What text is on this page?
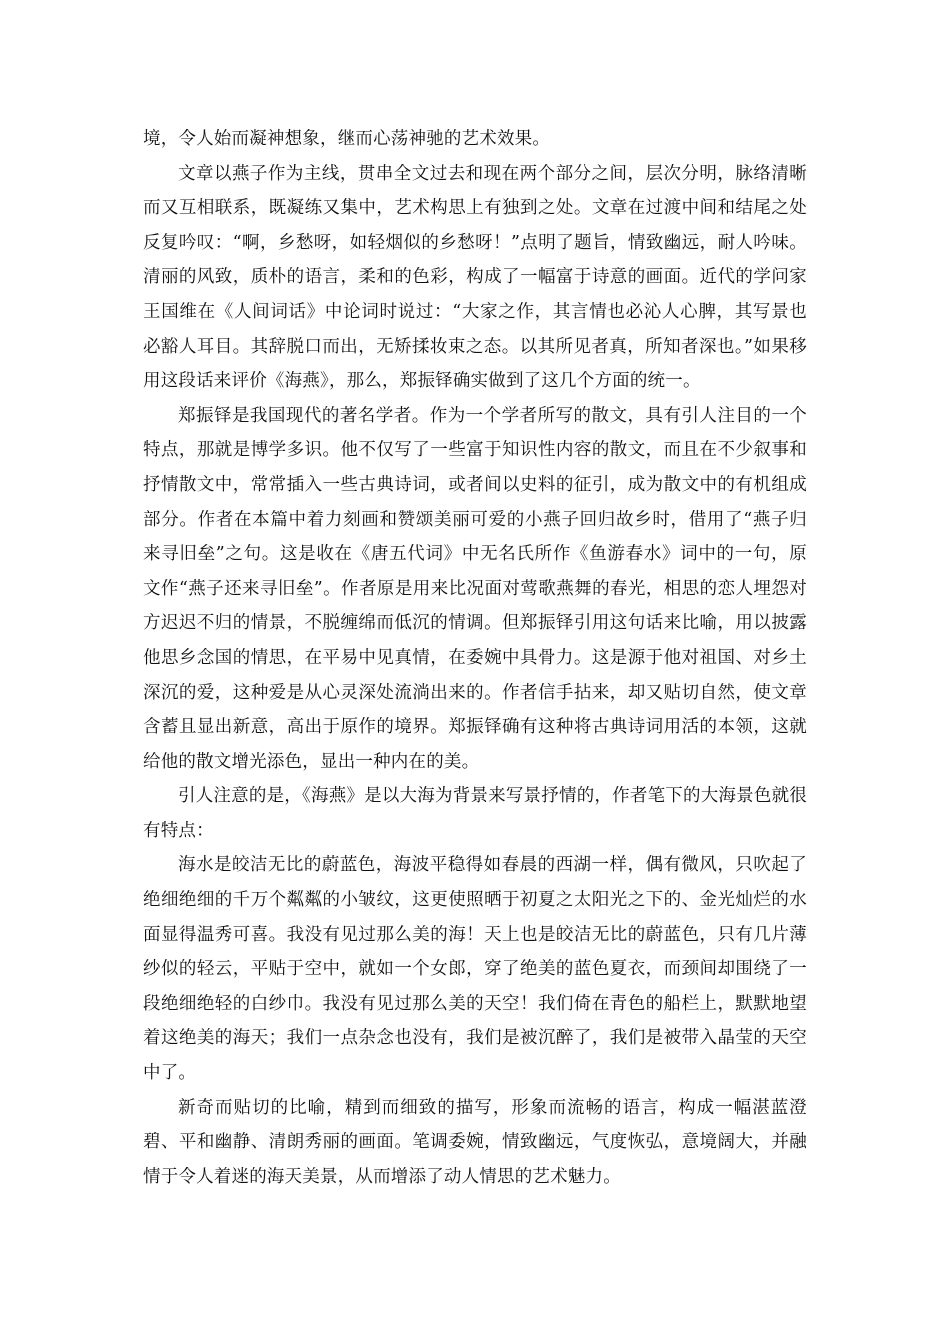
境，令人始而凝神想象，继而心荡神驰的艺术效果。

文章以燕子作为主线，贯串全文过去和现在两个部分之间，层次分明，脉络清晰而又互相联系，既凝练又集中，艺术构思上有独到之处。文章在过渡中间和结尾之处反复吟叹：“啊，乡愁呀，如轻烟似的乡愁呀！”点明了题旨，情致幽远，耐人吟味。清丽的风致，质朴的语言，柔和的色彩，构成了一幅富于诗意的画面。近代的学问家王国维在《人间词话》中论词时说过：“大家之作，其言情也必沁人心脾，其写景也必豁人耳目。其辞脱口而出，无矫揉妆束之态。以其所见者真，所知者深也。”如果移用这段话来评价《海燕》，那么，郑振铎确实做到了这几个方面的统一。

郑振铎是我国现代的著名学者。作为一个学者所写的散文，具有引人注目的一个特点，那就是博学多识。他不仅写了一些富于知识性内容的散文，而且在不少叙事和抒情散文中，常常插入一些古典诗词，或者间以史料的征引，成为散文中的有机组成部分。作者在本篇中着力刻画和赞颂美丽可爱的小燕子回归故乡时，借用了“燕子归来寻旧垒”之句。这是收在《唐五代词》中无名氏所作《鱼游春水》词中的一句，原文作“燕子还来寻旧垒”。作者原是用来比况面对莺歌燕舞的春光，相思的恋人埋怨对方迟迟不归的情景，不脱缠绵而低沉的情调。但郑振铎引用这句话来比喻，用以披露他思乡念国的情思，在平易中见真情，在委婉中具骨力。这是源于他对祖国、对乡土深沉的爱，这种爱是从心灵深处流淌出来的。作者信手拈来，却又贴切自然，使文章含蓄且显出新意，高出于原作的境界。郑振铎确有这种将古典诗词用活的本领，这就给他的散文增光添色，显出一种内在的美。

引人注意的是，《海燕》是以大海为背景来写景抒情的，作者笔下的大海景色就很有特点：

海水是皎洁无比的蔚蓝色，海波平稳得如春晨的西湖一样，偶有微风，只吹起了绝细绝细的千万个粼粼的小皱纹，这更使照晒于初夏之太阳光之下的、金光灿烂的水面显得温秀可喜。我没有见过那么美的海！天上也是皎洁无比的蔚蓝色，只有几片薄纱似的轻云，平贴于空中，就如一个女郎，穿了绝美的蓝色夏衣，而颈间却围绕了一段绝细绝轻的白纱巾。我没有见过那么美的天空！我们倚在青色的船栏上，默默地望着这绝美的海天；我们一点杂念也没有，我们是被沉醉了，我们是被带入晶莹的天空中了。

新奇而贴切的比喻，精到而细致的描写，形象而流畅的语言，构成一幅湛蓝澄碧、平和幽静、清朗秀丽的画面。笔调委婉，情致幽远，气度恢弘，意境阔大，并融情于令人着迷的海天美景，从而增添了动人情思的艺术魅力。
